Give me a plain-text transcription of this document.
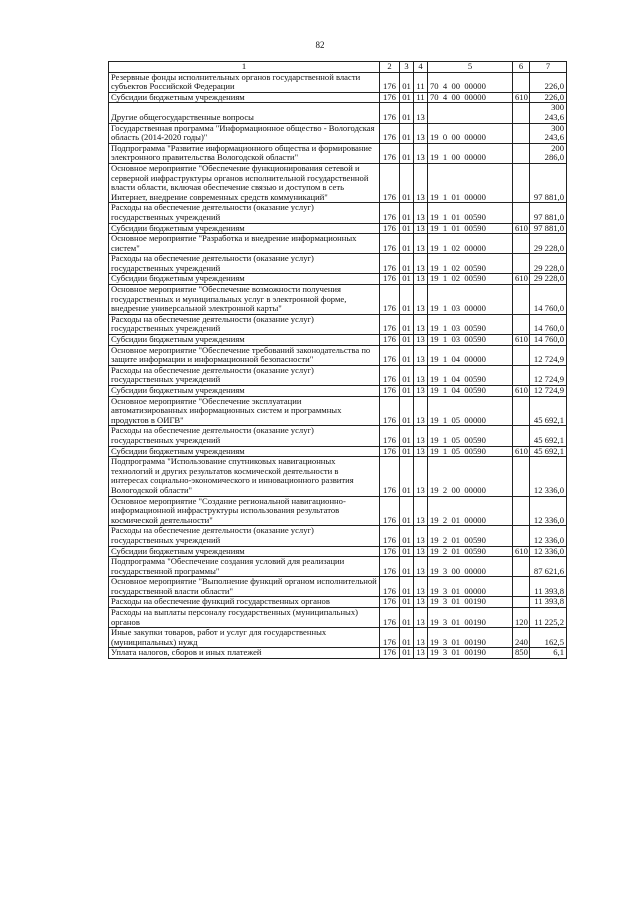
82
1	2	3	4	5	6	7
Резервные фонды исполнительных органов государственной власти субъектов Российской Федерации	176	01	11	70  4  00  00000		226,0
Субсидии бюджетным учреждениям	176	01	11	70  4  00  00000	610	226,0
Другие общегосударственные вопросы	176	01	13			300 243,6
Государственная программа "Информационное общество - Вологодская область (2014-2020 годы)"	176	01	13	19  0  00  00000		300 243,6
Подпрограмма "Развитие информационного общества и формирование электронного правительства Вологодской области"	176	01	13	19  1  00  00000		200 286,0
Основное мероприятие "Обеспечение функционирования сетевой и серверной инфраструктуры органов исполнительной государственной власти области, включая обеспечение связью и доступом в сеть Интернет, внедрение современных средств коммуникаций"	176	01	13	19  1  01  00000		97 881,0
Расходы на обеспечение деятельности (оказание услуг) государственных учреждений	176	01	13	19  1  01  00590		97 881,0
Субсидии бюджетным учреждениям	176	01	13	19  1  01  00590	610	97 881,0
Основное мероприятие "Разработка и внедрение информационных систем"	176	01	13	19  1  02  00000		29 228,0
Расходы на обеспечение деятельности (оказание услуг) государственных учреждений	176	01	13	19  1  02  00590		29 228,0
Субсидии бюджетным учреждениям	176	01	13	19  1  02  00590	610	29 228,0
Основное мероприятие "Обеспечение возможности получения государственных и муниципальных услуг в электронной форме, внедрение универсальной электронной карты"	176	01	13	19  1  03  00000		14 760,0
Расходы на обеспечение деятельности (оказание услуг) государственных учреждений	176	01	13	19  1  03  00590		14 760,0
Субсидии бюджетным учреждениям	176	01	13	19  1  03  00590	610	14 760,0
Основное мероприятие "Обеспечение требований законодательства по защите информации и информационной безопасности"	176	01	13	19  1  04  00000		12 724,9
Расходы на обеспечение деятельности (оказание услуг) государственных учреждений	176	01	13	19  1  04  00590		12 724,9
Субсидии бюджетным учреждениям	176	01	13	19  1  04  00590	610	12 724,9
Основное мероприятие "Обеспечение эксплуатации автоматизированных информационных систем и программных продуктов в ОИГВ"	176	01	13	19  1  05  00000		45 692,1
Расходы на обеспечение деятельности (оказание услуг) государственных учреждений	176	01	13	19  1  05  00590		45 692,1
Субсидии бюджетным учреждениям	176	01	13	19  1  05  00590	610	45 692,1
Подпрограмма "Использование спутниковых навигационных технологий и других результатов космической деятельности в интересах социально-экономического и инновационного развития Вологодской области"	176	01	13	19  2  00  00000		12 336,0
Основное мероприятие "Создание региональной навигационно-информационной инфраструктуры использования результатов космической деятельности"	176	01	13	19  2  01  00000		12 336,0
Расходы на обеспечение деятельности (оказание услуг) государственных учреждений	176	01	13	19  2  01  00590		12 336,0
Субсидии бюджетным учреждениям	176	01	13	19  2  01  00590	610	12 336,0
Подпрограмма "Обеспечение создания условий для реализации государственной программы"	176	01	13	19  3  00  00000		87 621,6
Основное мероприятие "Выполнение функций органом исполнительной государственной власти области"	176	01	13	19  3  01  00000		11 393,8
Расходы на обеспечение функций государственных органов	176	01	13	19  3  01  00190		11 393,8
Расходы на выплаты персоналу государственных (муниципальных) органов	176	01	13	19  3  01  00190	120	11 225,2
Иные закупки товаров, работ и услуг для государственных (муниципальных) нужд	176	01	13	19  3  01  00190	240	162,5
Уплата налогов, сборов и иных платежей	176	01	13	19  3  01  00190	850	6,1
